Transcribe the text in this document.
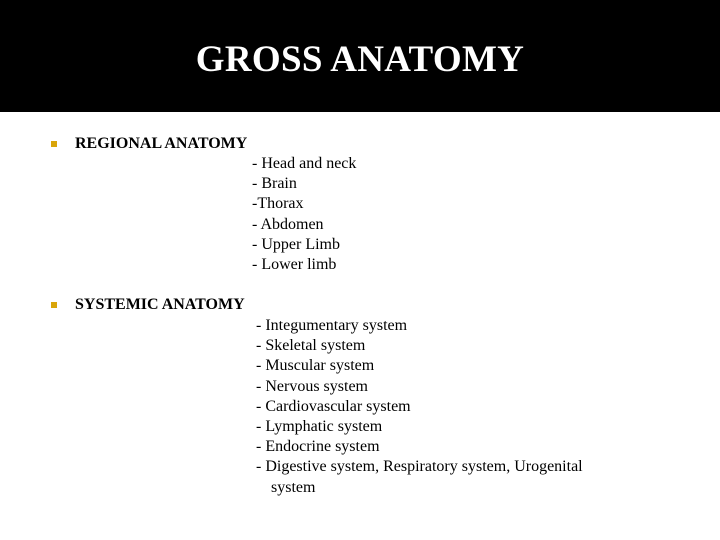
GROSS ANATOMY
REGIONAL ANATOMY
- Head and neck
- Brain
-Thorax
- Abdomen
- Upper Limb
- Lower limb
SYSTEMIC ANATOMY
- Integumentary system
- Skeletal system
- Muscular system
- Nervous system
- Cardiovascular system
- Lymphatic system
- Endocrine system
- Digestive system, Respiratory system, Urogenital
system
